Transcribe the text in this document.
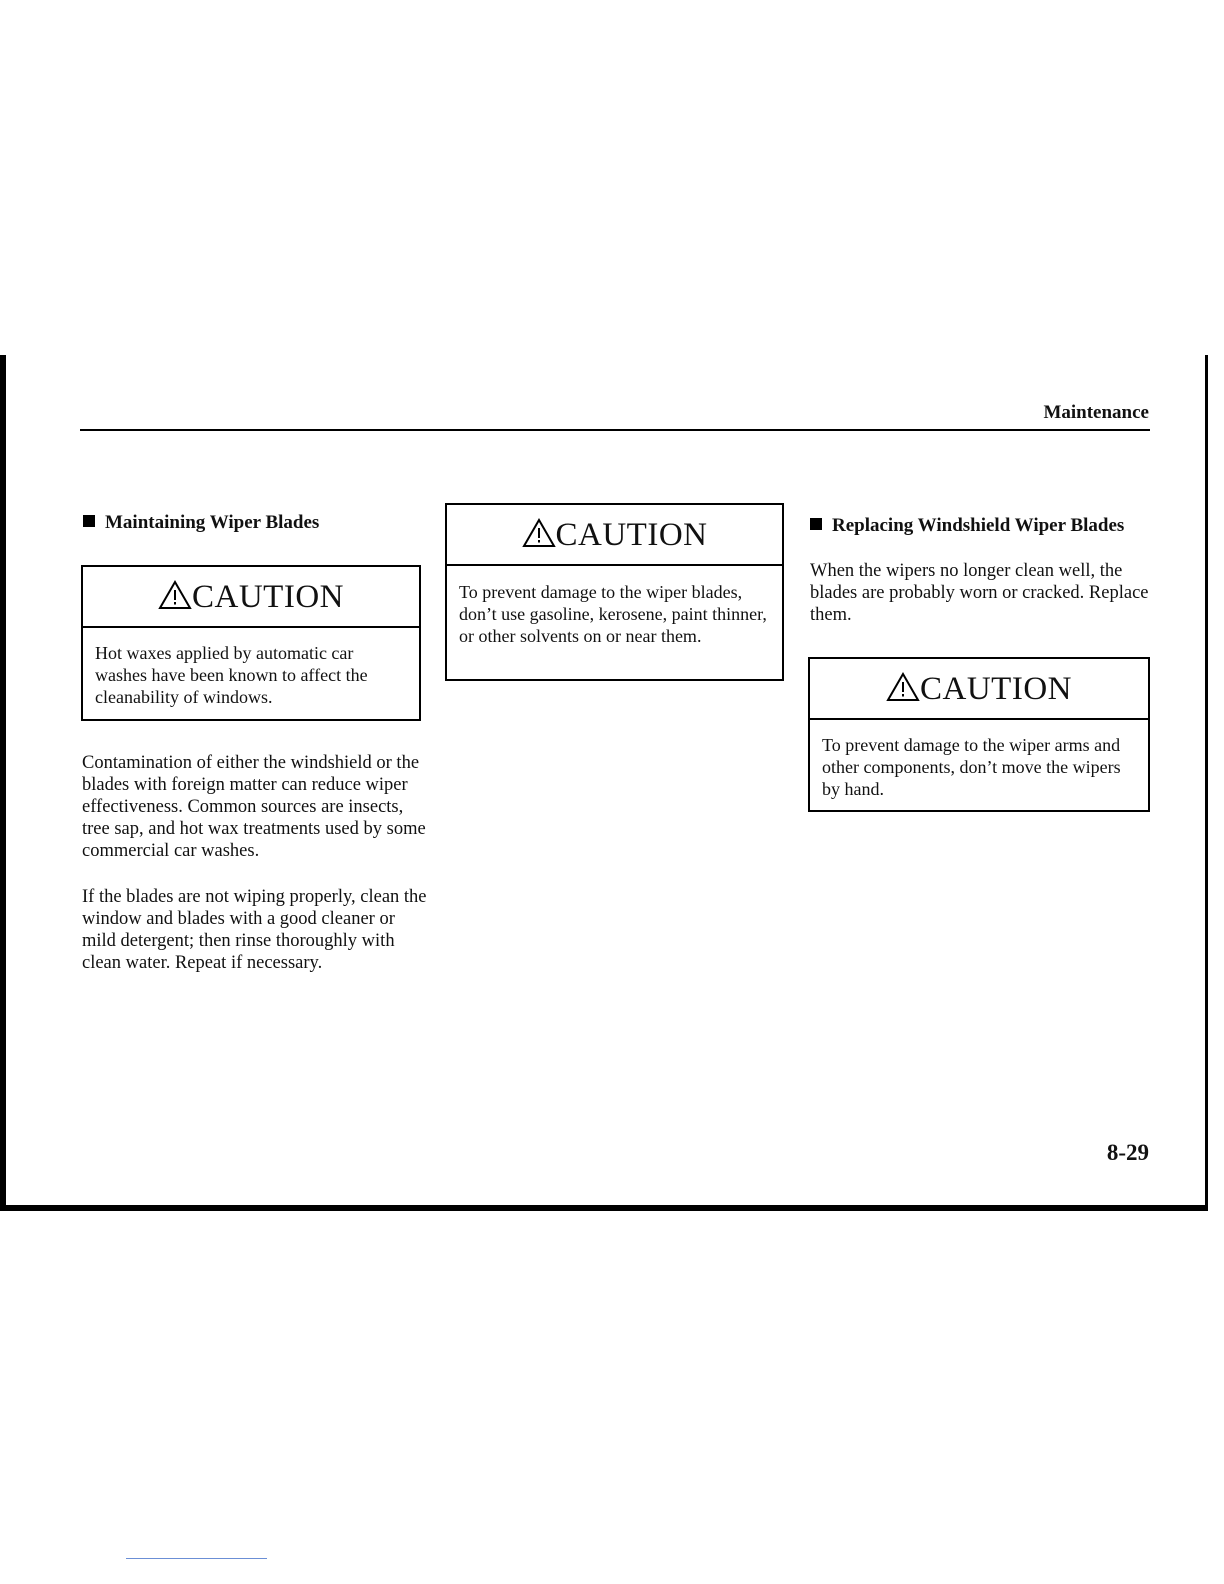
Maintenance
Maintaining Wiper Blades
CAUTION
Hot waxes applied by automatic car washes have been known to affect the cleanability of windows.
Contamination of either the windshield or the blades with foreign matter can reduce wiper effectiveness. Common sources are insects, tree sap, and hot wax treatments used by some commercial car washes.
If the blades are not wiping properly, clean the window and blades with a good cleaner or mild detergent; then rinse thoroughly with clean water. Repeat if necessary.
CAUTION
To prevent damage to the wiper blades, don’t use gasoline, kerosene, paint thinner, or other solvents on or near them.
Replacing Windshield Wiper Blades
When the wipers no longer clean well, the blades are probably worn or cracked. Replace them.
CAUTION
To prevent damage to the wiper arms and other components, don’t move the wipers by hand.
8-29
